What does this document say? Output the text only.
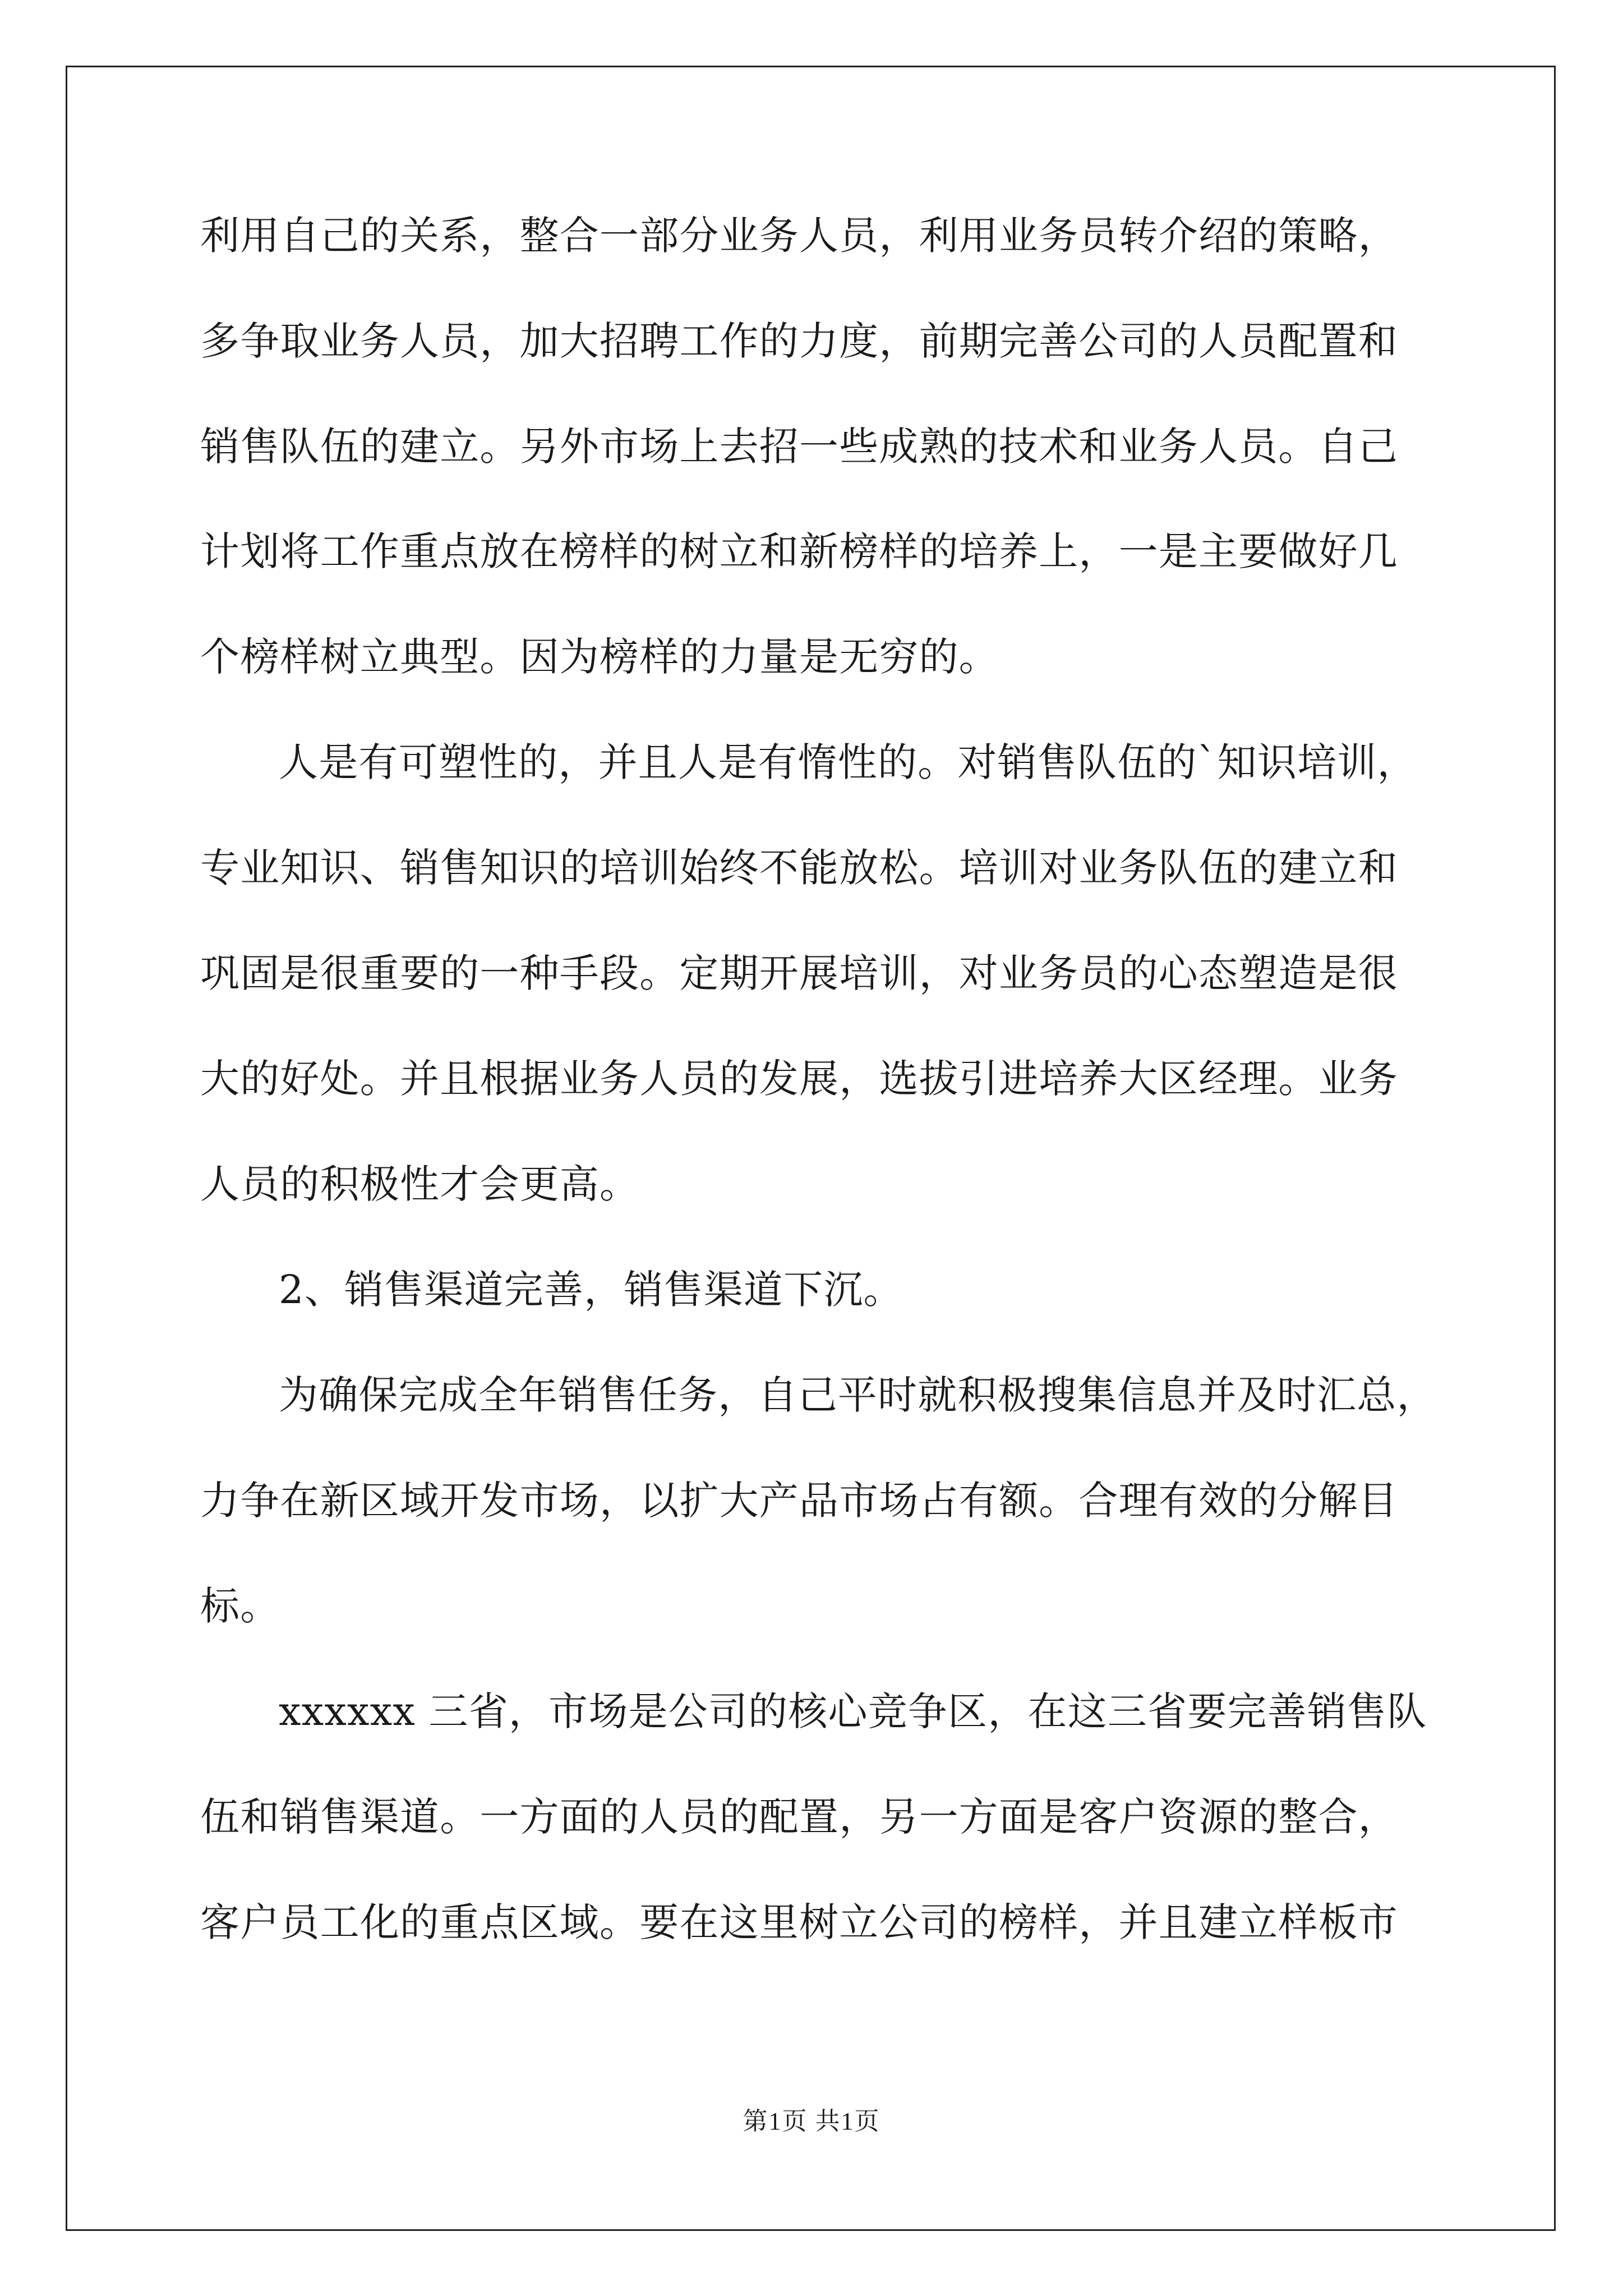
利用自己的关系，整合一部分业务人员，利用业务员转介绍的策略，
多争取业务人员，加大招聘工作的力度，前期完善公司的人员配置和
销售队伍的建立。另外市场上去招一些成熟的技术和业务人员。自己
计划将工作重点放在榜样的树立和新榜样的培养上，一是主要做好几
个榜样树立典型。因为榜样的力量是无穷的。
人是有可塑性的，并且人是有惰性的。对销售队伍的`知识培训，
专业知识、销售知识的培训始终不能放松。培训对业务队伍的建立和
巩固是很重要的一种手段。定期开展培训，对业务员的心态塑造是很
大的好处。并且根据业务人员的发展，选拔引进培养大区经理。业务
人员的积极性才会更高。
2、销售渠道完善，销售渠道下沉。
为确保完成全年销售任务，自己平时就积极搜集信息并及时汇总，
力争在新区域开发市场，以扩大产品市场占有额。合理有效的分解目
标。
xxxxxx 三省，市场是公司的核心竞争区，在这三省要完善销售队
伍和销售渠道。一方面的人员的配置，另一方面是客户资源的整合，
客户员工化的重点区域。要在这里树立公司的榜样，并且建立样板市
第1页 共1页
